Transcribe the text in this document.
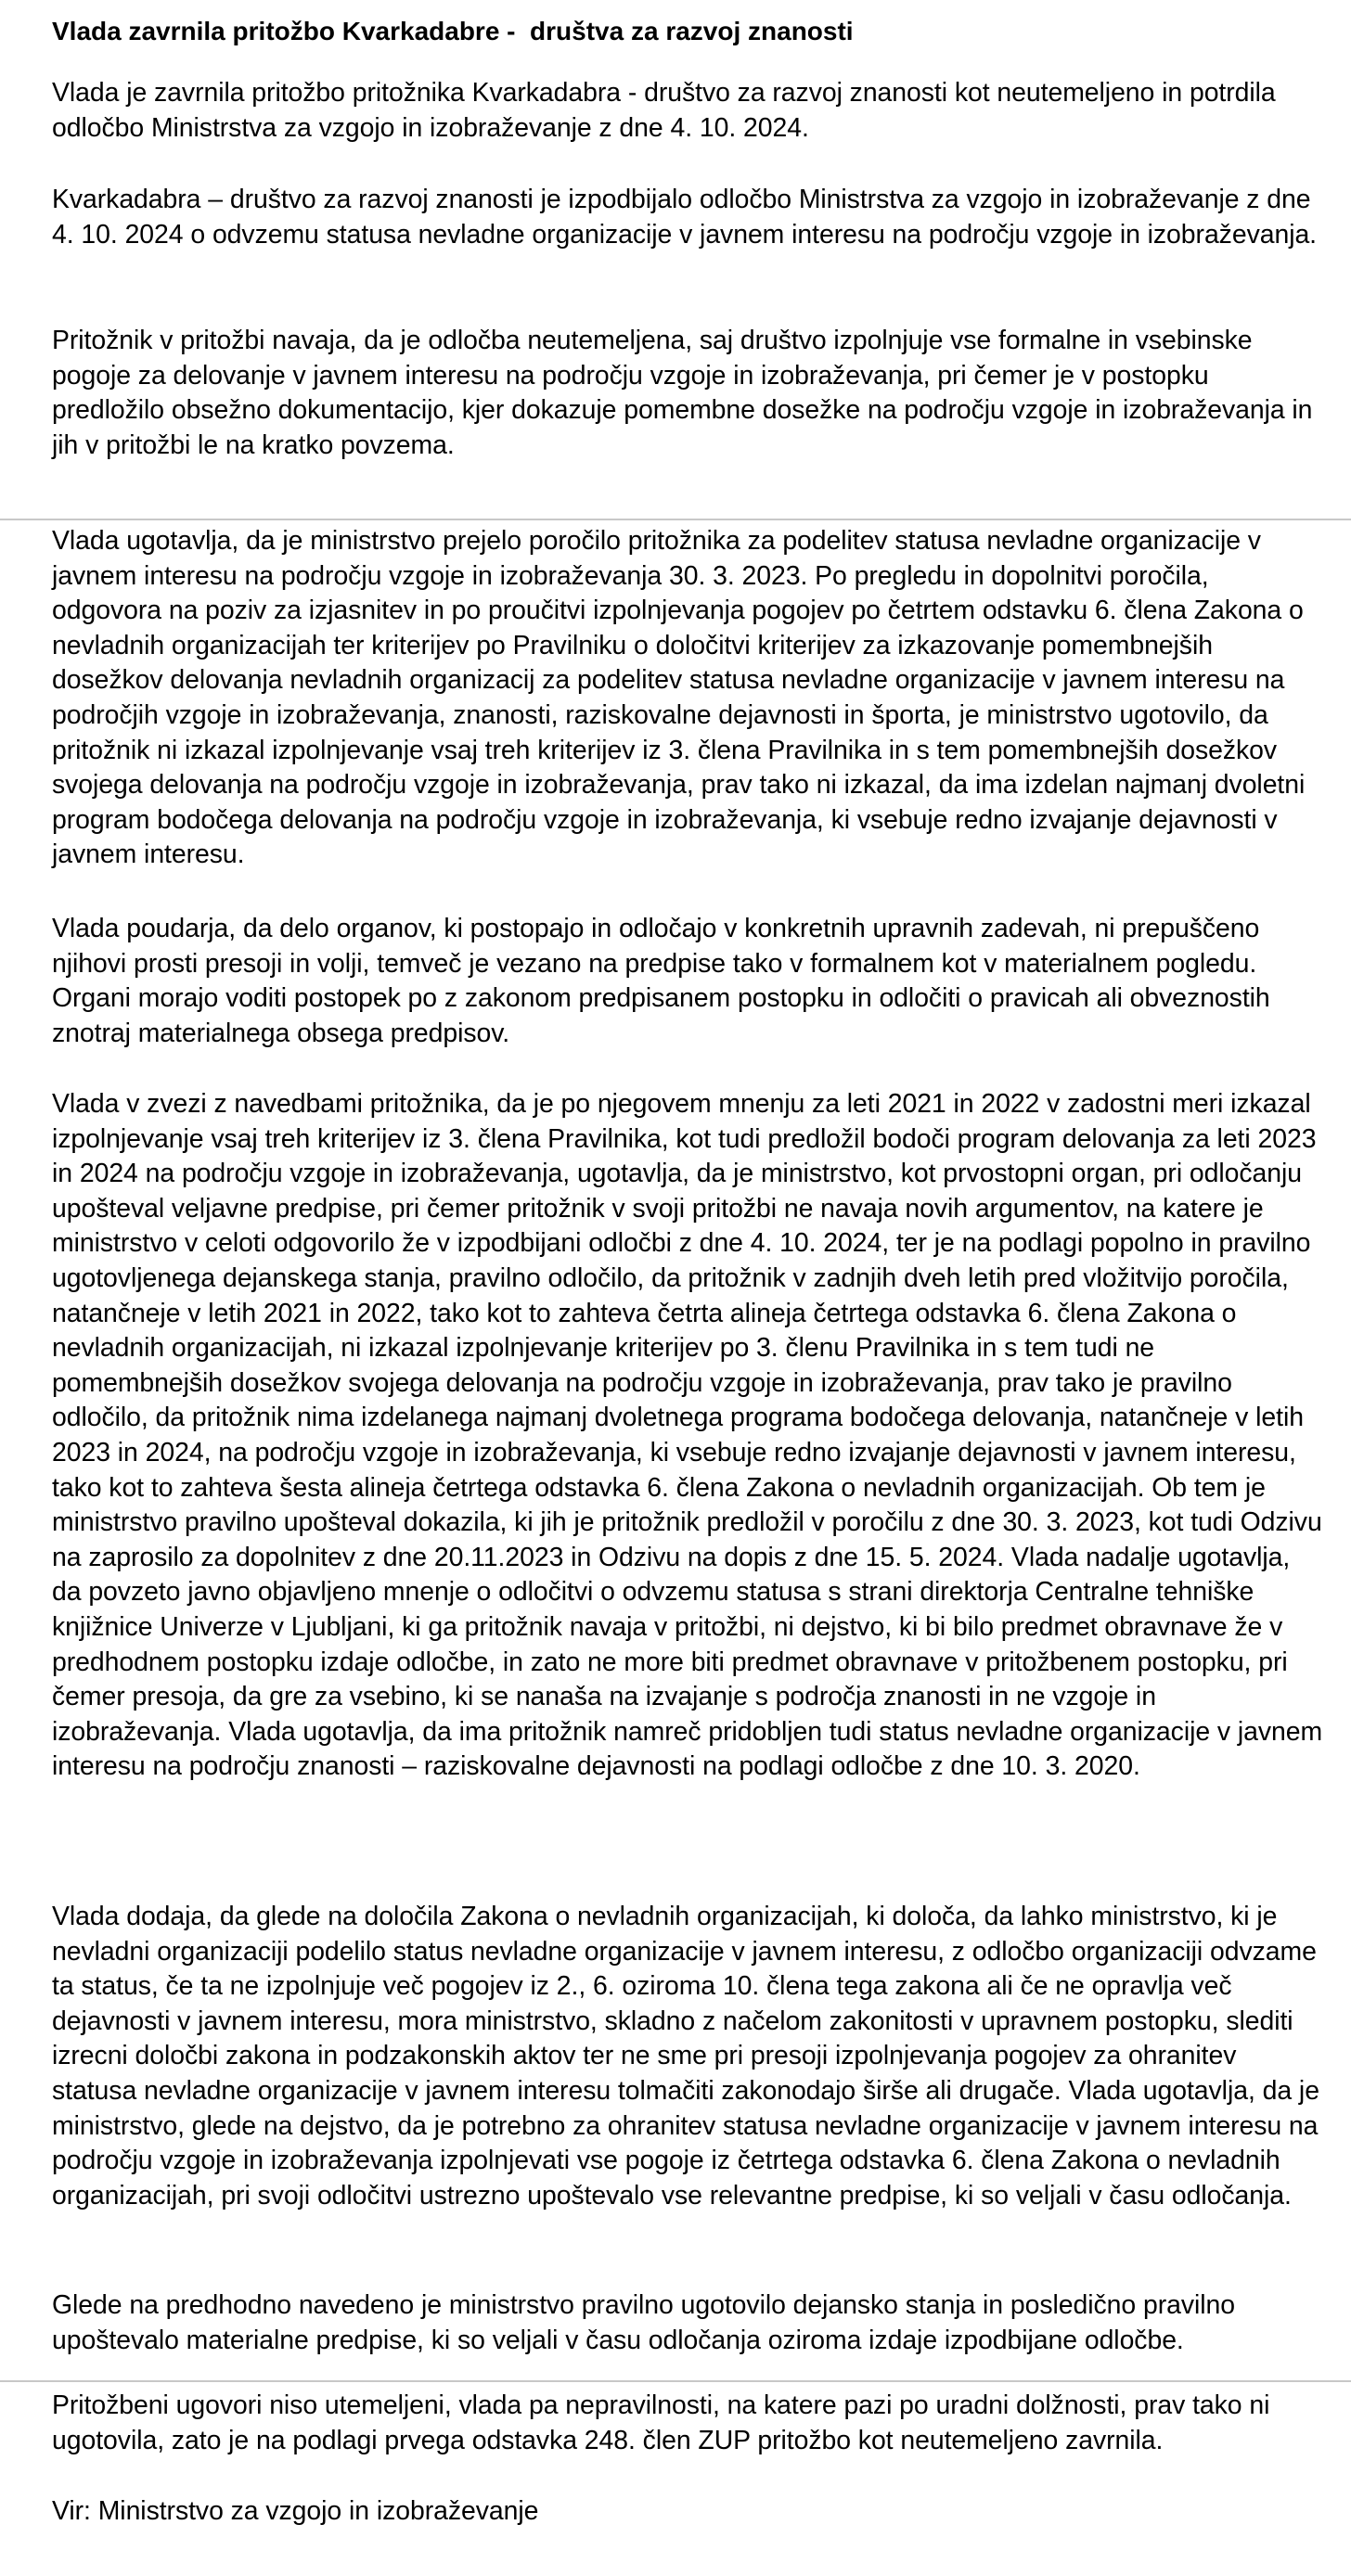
Vlada zavrnila pritožbo Kvarkadabre -  društva za razvoj znanosti

Vlada je zavrnila pritožbo pritožnika Kvarkadabra - društvo za razvoj znanosti kot neutemeljeno in potrdila odločbo Ministrstva za vzgojo in izobraževanje z dne 4. 10. 2024.

Kvarkadabra – društvo za razvoj znanosti je izpodbijalo odločbo Ministrstva za vzgojo in izobraževanje z dne 4. 10. 2024 o odvzemu statusa nevladne organizacije v javnem interesu na področju vzgoje in izobraževanja.

Pritožnik v pritožbi navaja, da je odločba neutemeljena, saj društvo izpolnjuje vse formalne in vsebinske pogoje za delovanje v javnem interesu na področju vzgoje in izobraževanja, pri čemer je v postopku predložilo obsežno dokumentacijo, kjer dokazuje pomembne dosežke na področju vzgoje in izobraževanja in jih v pritožbi le na kratko povzema.

Vlada ugotavlja, da je ministrstvo prejelo poročilo pritožnika za podelitev statusa nevladne organizacije v javnem interesu na področju vzgoje in izobraževanja 30. 3. 2023. Po pregledu in dopolnitvi poročila, odgovora na poziv za izjasnitev in po proučitvi izpolnjevanja pogojev po četrtem odstavku 6. člena Zakona o nevladnih organizacijah ter kriterijev po Pravilniku o določitvi kriterijev za izkazovanje pomembnejših dosežkov delovanja nevladnih organizacij za podelitev statusa nevladne organizacije v javnem interesu na področjih vzgoje in izobraževanja, znanosti, raziskovalne dejavnosti in športa, je ministrstvo ugotovilo, da pritožnik ni izkazal izpolnjevanje vsaj treh kriterijev iz 3. člena Pravilnika in s tem pomembnejših dosežkov svojega delovanja na področju vzgoje in izobraževanja, prav tako ni izkazal, da ima izdelan najmanj dvoletni program bodočega delovanja na področju vzgoje in izobraževanja, ki vsebuje redno izvajanje dejavnosti v javnem interesu.

Vlada poudarja, da delo organov, ki postopajo in odločajo v konkretnih upravnih zadevah, ni prepuščeno njihovi prosti presoji in volji, temveč je vezano na predpise tako v formalnem kot v materialnem pogledu. Organi morajo voditi postopek po z zakonom predpisanem postopku in odločiti o pravicah ali obveznostih znotraj materialnega obsega predpisov.

Vlada v zvezi z navedbami pritožnika, da je po njegovem mnenju za leti 2021 in 2022 v zadostni meri izkazal izpolnjevanje vsaj treh kriterijev iz 3. člena Pravilnika, kot tudi predložil bodoči program delovanja za leti 2023 in 2024 na področju vzgoje in izobraževanja, ugotavlja, da je ministrstvo, kot prvostopni organ, pri odločanju upošteval veljavne predpise, pri čemer pritožnik v svoji pritožbi ne navaja novih argumentov, na katere je ministrstvo v celoti odgovorilo že v izpodbijani odločbi z dne 4. 10. 2024, ter je na podlagi popolno in pravilno ugotovljenega dejanskega stanja, pravilno odločilo, da pritožnik v zadnjih dveh letih pred vložitvijo poročila, natančneje v letih 2021 in 2022, tako kot to zahteva četrta alineja četrtega odstavka 6. člena Zakona o nevladnih organizacijah, ni izkazal izpolnjevanje kriterijev po 3. členu Pravilnika in s tem tudi ne pomembnejših dosežkov svojega delovanja na področju vzgoje in izobraževanja, prav tako je pravilno odločilo, da pritožnik nima izdelanega najmanj dvoletnega programa bodočega delovanja, natančneje v letih 2023 in 2024, na področju vzgoje in izobraževanja, ki vsebuje redno izvajanje dejavnosti v javnem interesu, tako kot to zahteva šesta alineja četrtega odstavka 6. člena Zakona o nevladnih organizacijah. Ob tem je ministrstvo pravilno upošteval dokazila, ki jih je pritožnik predložil v poročilu z dne 30. 3. 2023, kot tudi Odzivu na zaprosilo za dopolnitev z dne 20.11.2023 in Odzivu na dopis z dne 15. 5. 2024. Vlada nadalje ugotavlja, da povzeto javno objavljeno mnenje o odločitvi o odvzemu statusa s strani direktorja Centralne tehniške knjižnice Univerze v Ljubljani, ki ga pritožnik navaja v pritožbi, ni dejstvo, ki bi bilo predmet obravnave že v predhodnem postopku izdaje odločbe, in zato ne more biti predmet obravnave v pritožbenem postopku, pri čemer presoja, da gre za vsebino, ki se nanaša na izvajanje s področja znanosti in ne vzgoje in izobraževanja. Vlada ugotavlja, da ima pritožnik namreč pridobljen tudi status nevladne organizacije v javnem interesu na področju znanosti – raziskovalne dejavnosti na podlagi odločbe z dne 10. 3. 2020.

Vlada dodaja, da glede na določila Zakona o nevladnih organizacijah, ki določa, da lahko ministrstvo, ki je nevladni organizaciji podelilo status nevladne organizacije v javnem interesu, z odločbo organizaciji odvzame ta status, če ta ne izpolnjuje več pogojev iz 2., 6. oziroma 10. člena tega zakona ali če ne opravlja več dejavnosti v javnem interesu, mora ministrstvo, skladno z načelom zakonitosti v upravnem postopku, slediti izrecni določbi zakona in podzakonskih aktov ter ne sme pri presoji izpolnjevanja pogojev za ohranitev statusa nevladne organizacije v javnem interesu tolmačiti zakonodajo širše ali drugače. Vlada ugotavlja, da je ministrstvo, glede na dejstvo, da je potrebno za ohranitev statusa nevladne organizacije v javnem interesu na področju vzgoje in izobraževanja izpolnjevati vse pogoje iz četrtega odstavka 6. člena Zakona o nevladnih organizacijah, pri svoji odločitvi ustrezno upoštevalo vse relevantne predpise, ki so veljali v času odločanja.

Glede na predhodno navedeno je ministrstvo pravilno ugotovilo dejansko stanja in posledično pravilno upoštevalo materialne predpise, ki so veljali v času odločanja oziroma izdaje izpodbijane odločbe.

Pritožbeni ugovori niso utemeljeni, vlada pa nepravilnosti, na katere pazi po uradni dolžnosti, prav tako ni ugotovila, zato je na podlagi prvega odstavka 248. člen ZUP pritožbo kot neutemeljeno zavrnila.

Vir: Ministrstvo za vzgojo in izobraževanje
